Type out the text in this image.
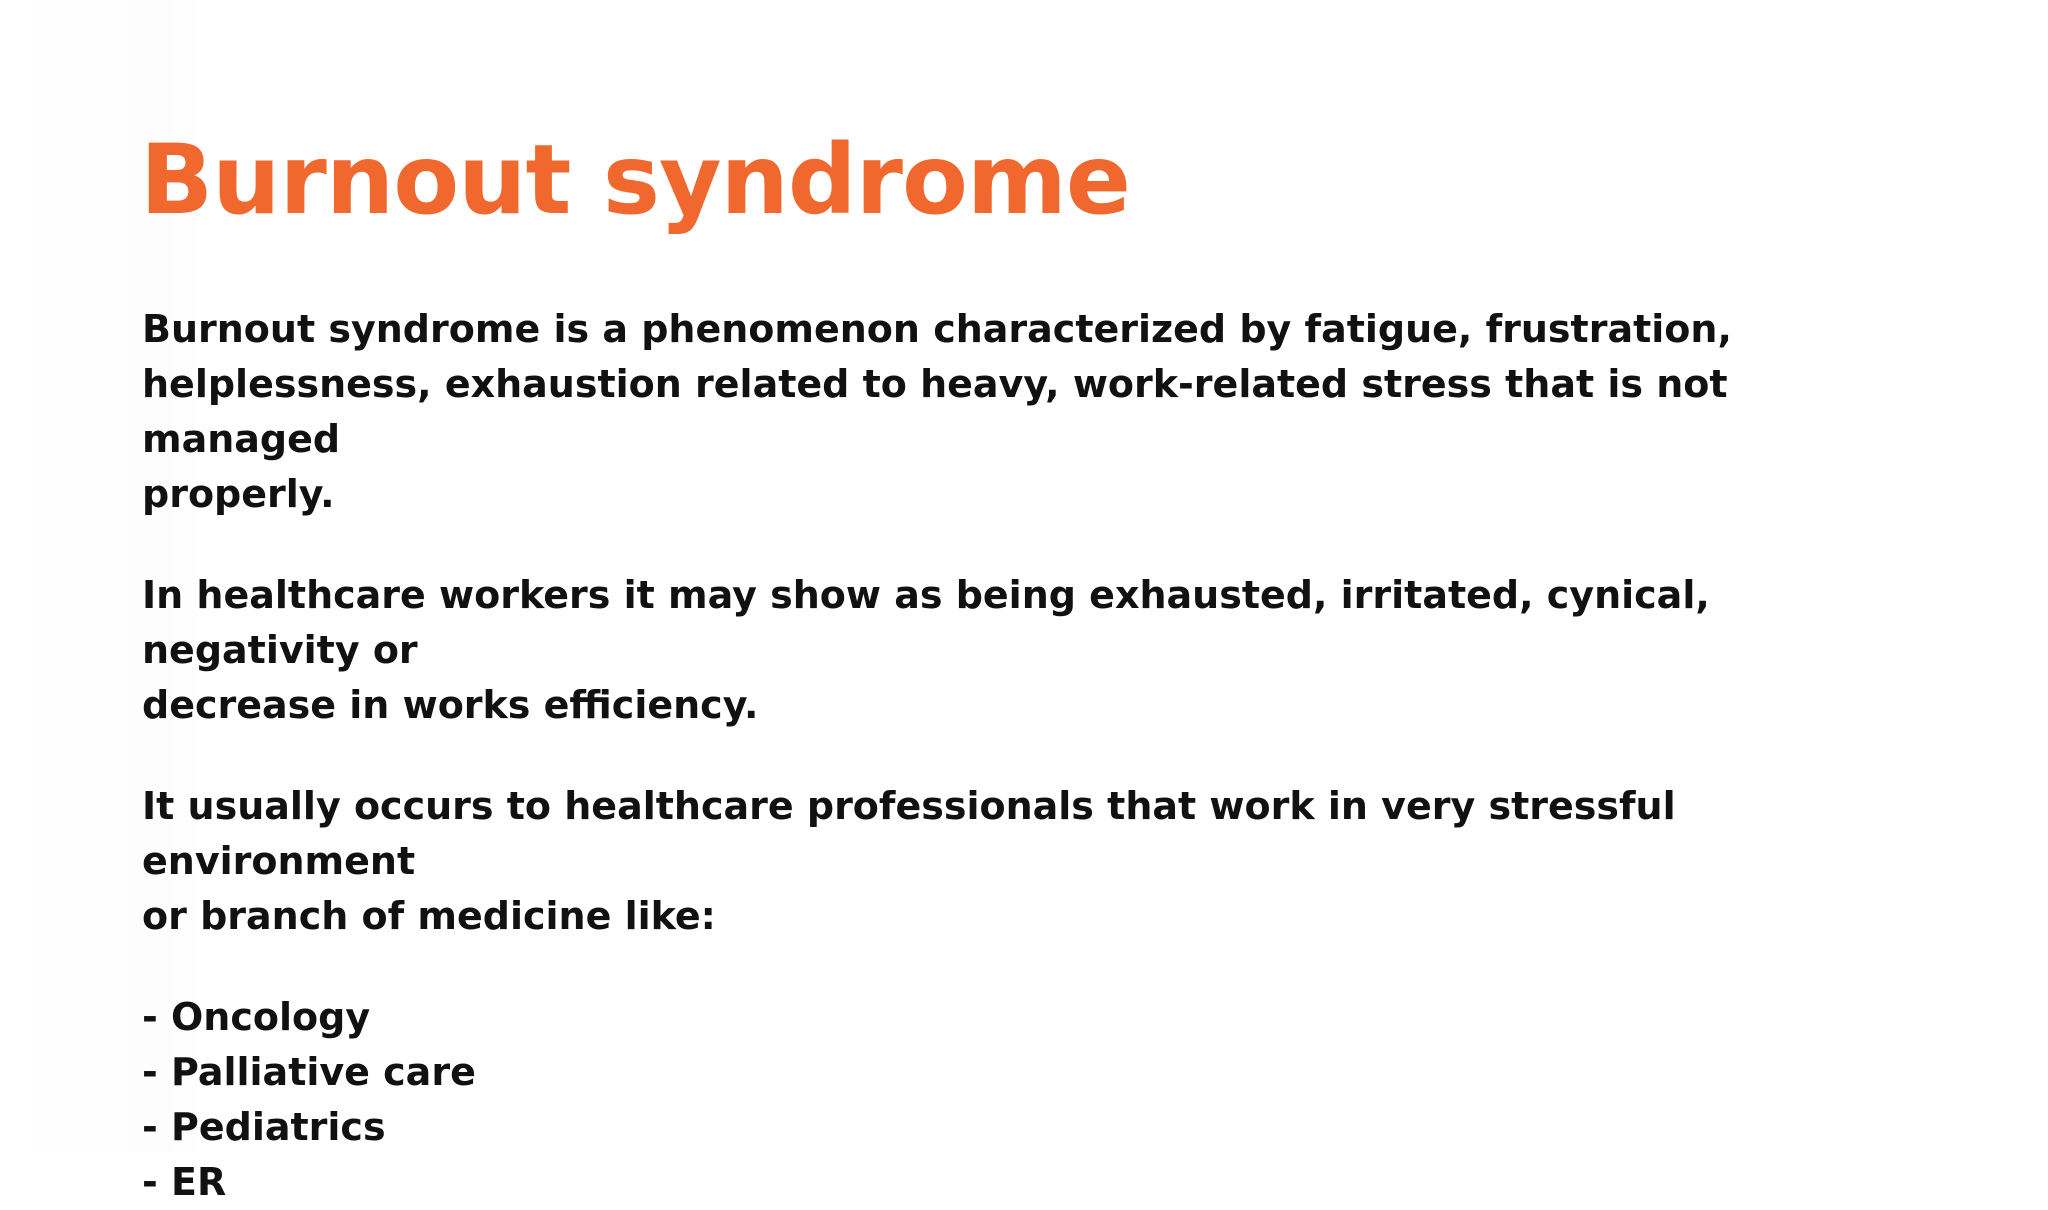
Burnout syndrome

Burnout syndrome is a phenomenon characterized by fatigue, frustration,
helplessness, exhaustion related to heavy, work-related stress that is not managed
properly.

In healthcare workers it may show as being exhausted, irritated, cynical, negativity or
decrease in works efficiency.

It usually occurs to healthcare professionals that work in very stressful environment
or branch of medicine like:

- Oncology
- Palliative care
- Pediatrics
- ER
